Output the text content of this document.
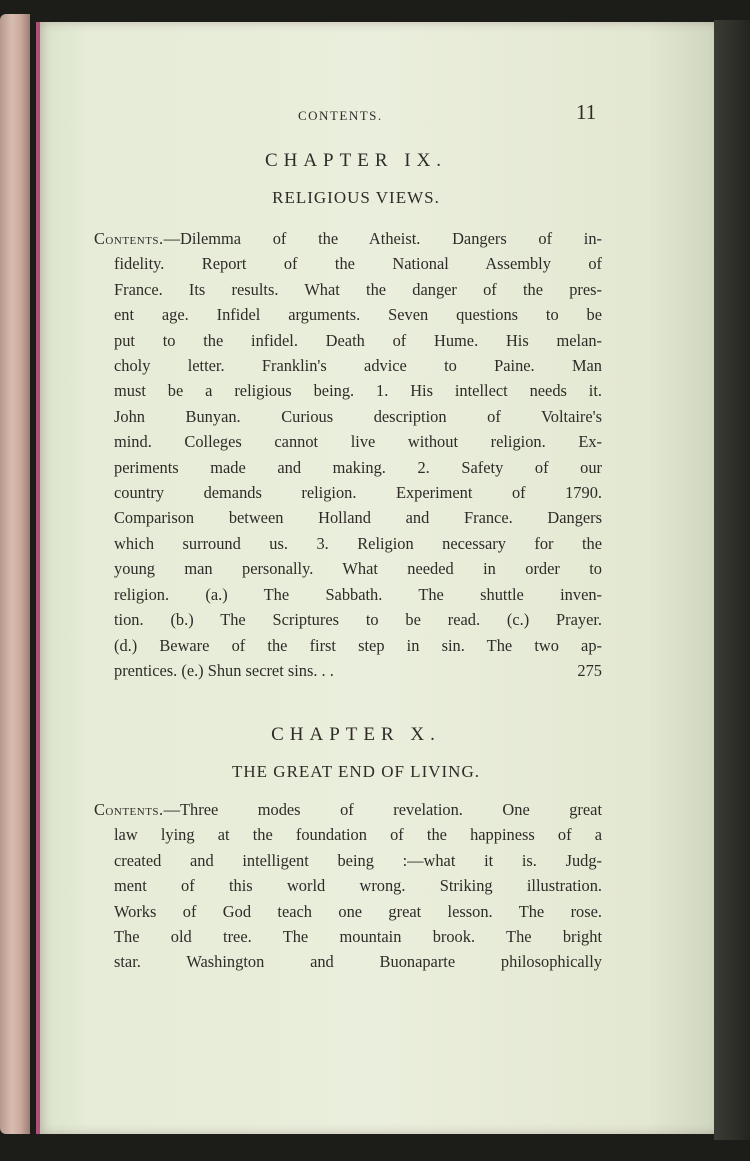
CONTENTS.	11
CHAPTER IX.
RELIGIOUS VIEWS.
Contents.—Dilemma of the Atheist. Dangers of in-
fidelity. Report of the National Assembly of
France. Its results. What the danger of the pres-
ent age. Infidel arguments. Seven questions to be
put to the infidel. Death of Hume. His melan-
choly letter. Franklin's advice to Paine. Man
must be a religious being. 1. His intellect needs it.
John Bunyan. Curious description of Voltaire's
mind. Colleges cannot live without religion. Ex-
periments made and making. 2. Safety of our
country demands religion. Experiment of 1790.
Comparison between Holland and France. Dangers
which surround us. 3. Religion necessary for the
young man personally. What needed in order to
religion. (a.) The Sabbath. The shuttle inven-
tion. (b.) The Scriptures to be read. (c.) Prayer.
(d.) Beware of the first step in sin. The two ap-
prentices. (e.) Shun secret sins. . .	275
CHAPTER X.
THE GREAT END OF LIVING.
Contents.—Three modes of revelation. One great
law lying at the foundation of the happiness of a
created and intelligent being :—what it is. Judg-
ment of this world wrong. Striking illustration.
Works of God teach one great lesson. The rose.
The old tree. The mountain brook. The bright
star. Washington and Buonaparte philosophically
